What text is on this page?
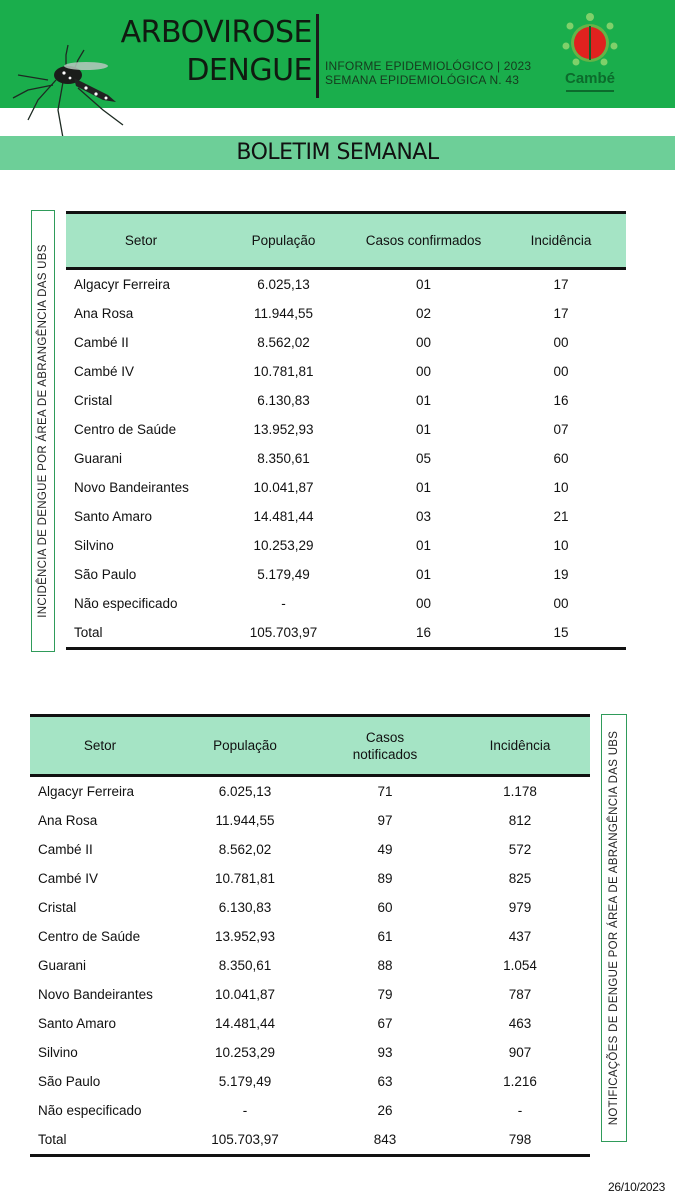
ARBOVIROSE
DENGUE INFORME EPIDEMIOLÓGICO | 2023
SEMANA EPIDEMIOLÓGICA N. 43	Cambé
BOLETIM SEMANAL
INCIDÊNCIA DE DENGUE POR ÁREA DE ABRANGÊNCIA DAS UBS
Setor	População	Casos confirmados	Incidência
Algacyr Ferreira	6.025,13	01	17
Ana Rosa	11.944,55	02	17
Cambé II	8.562,02	00	00
Cambé IV	10.781,81	00	00
Cristal	6.130,83	01	16
Centro de Saúde	13.952,93	01	07
Guarani	8.350,61	05	60
Novo Bandeirantes	10.041,87	01	10
Santo Amaro	14.481,44	03	21
Silvino	10.253,29	01	10
São Paulo	5.179,49	01	19
Não especificado	-	00	00
Total	105.703,97	16	15
Setor	População	Casos notificados	Incidência
Algacyr Ferreira	6.025,13	71	1.178
Ana Rosa	11.944,55	97	812
Cambé II	8.562,02	49	572
Cambé IV	10.781,81	89	825
Cristal	6.130,83	60	979
Centro de Saúde	13.952,93	61	437
Guarani	8.350,61	88	1.054
Novo Bandeirantes	10.041,87	79	787
Santo Amaro	14.481,44	67	463
Silvino	10.253,29	93	907
São Paulo	5.179,49	63	1.216
Não especificado	-	26	-
Total	105.703,97	843	798
NOTIFICAÇÕES DE DENGUE POR ÁREA DE ABRANGÊNCIA DAS UBS
26/10/2023
